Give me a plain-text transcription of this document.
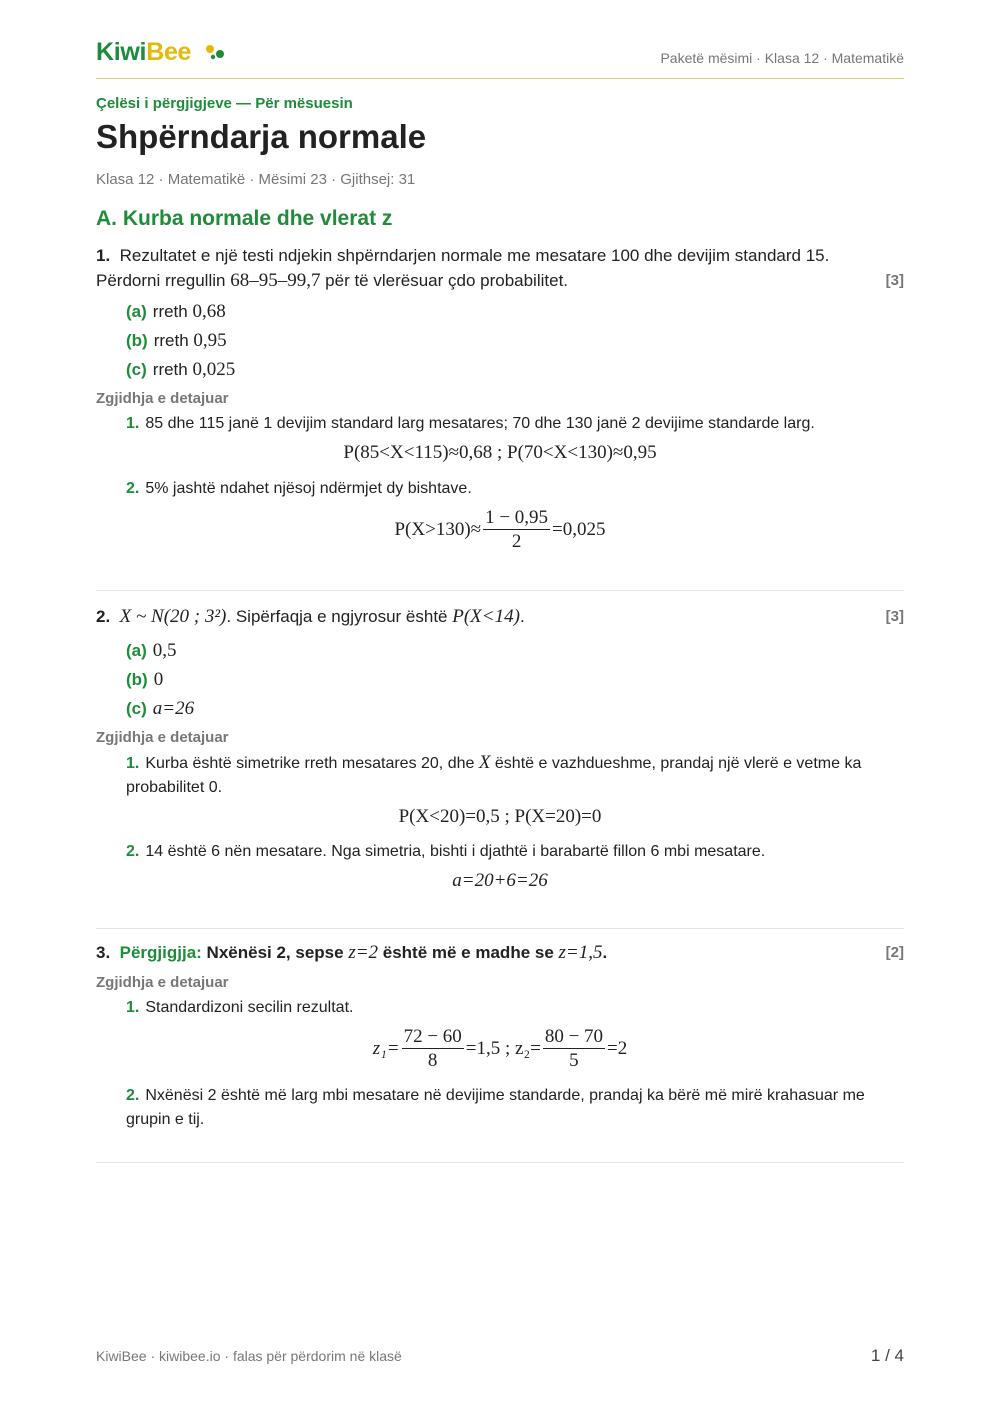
KiwiBee	Paketë mësimi · Klasa 12 · Matematikë
Çelësi i përgjigjeve — Për mësuesin
Shpërndarja normale
Klasa 12 · Matematikë · Mësimi 23 · Gjithsej: 31
A. Kurba normale dhe vlerat z
1. Rezultatet e një testi ndjekin shpërndarjen normale me mesatare 100 dhe devijim standard 15.
Përdorni rregullin 68–95–99,7 për të vlerësuar çdo probabilitet.	[3]
(a) rreth 0,68
(b) rreth 0,95
(c) rreth 0,025
Zgjidhja e detajuar
1. 85 dhe 115 janë 1 devijim standard larg mesatares; 70 dhe 130 janë 2 devijime standarde larg.
P(85<X<115)≈0,68 ; P(70<X<130)≈0,95
2. 5% jashtë ndahet njësoj ndërmjet dy bishtave.
$P(X>130)\approx \frac{1 - 0,95}{2} =0,025$
2. X ~ N(20 ; 3²). Sipërfaqja e ngjyrosur është P(X<14).	[3]
(a) 0,5
(b) 0
(c) a=26
Zgjidhja e detajuar
1. Kurba është simetrike rreth mesatares 20, dhe X është e vazhdueshme, prandaj një vlerë e vetme ka probabilitet 0.
P(X<20)=0,5 ; P(X=20)=0
2. 14 është 6 nën mesatare. Nga simetria, bishti i djathtë i barabartë fillon 6 mbi mesatare.
a=20+6=26
3. Përgjigjja: Nxënësi 2, sepse z=2 është më e madhe se z=1,5.	[2]
Zgjidhja e detajuar
1. Standardizoni secilin rezultat.
$z_1= \frac{72 - 60}{8} =1,5$ ; $z_2= \frac{80 - 70}{5} =2$
2. Nxënësi 2 është më larg mbi mesatare në devijime standarde, prandaj ka bërë më mirë krahasuar me grupin e tij.
KiwiBee · kiwibee.io · falas për përdorim në klasë	1 / 4
